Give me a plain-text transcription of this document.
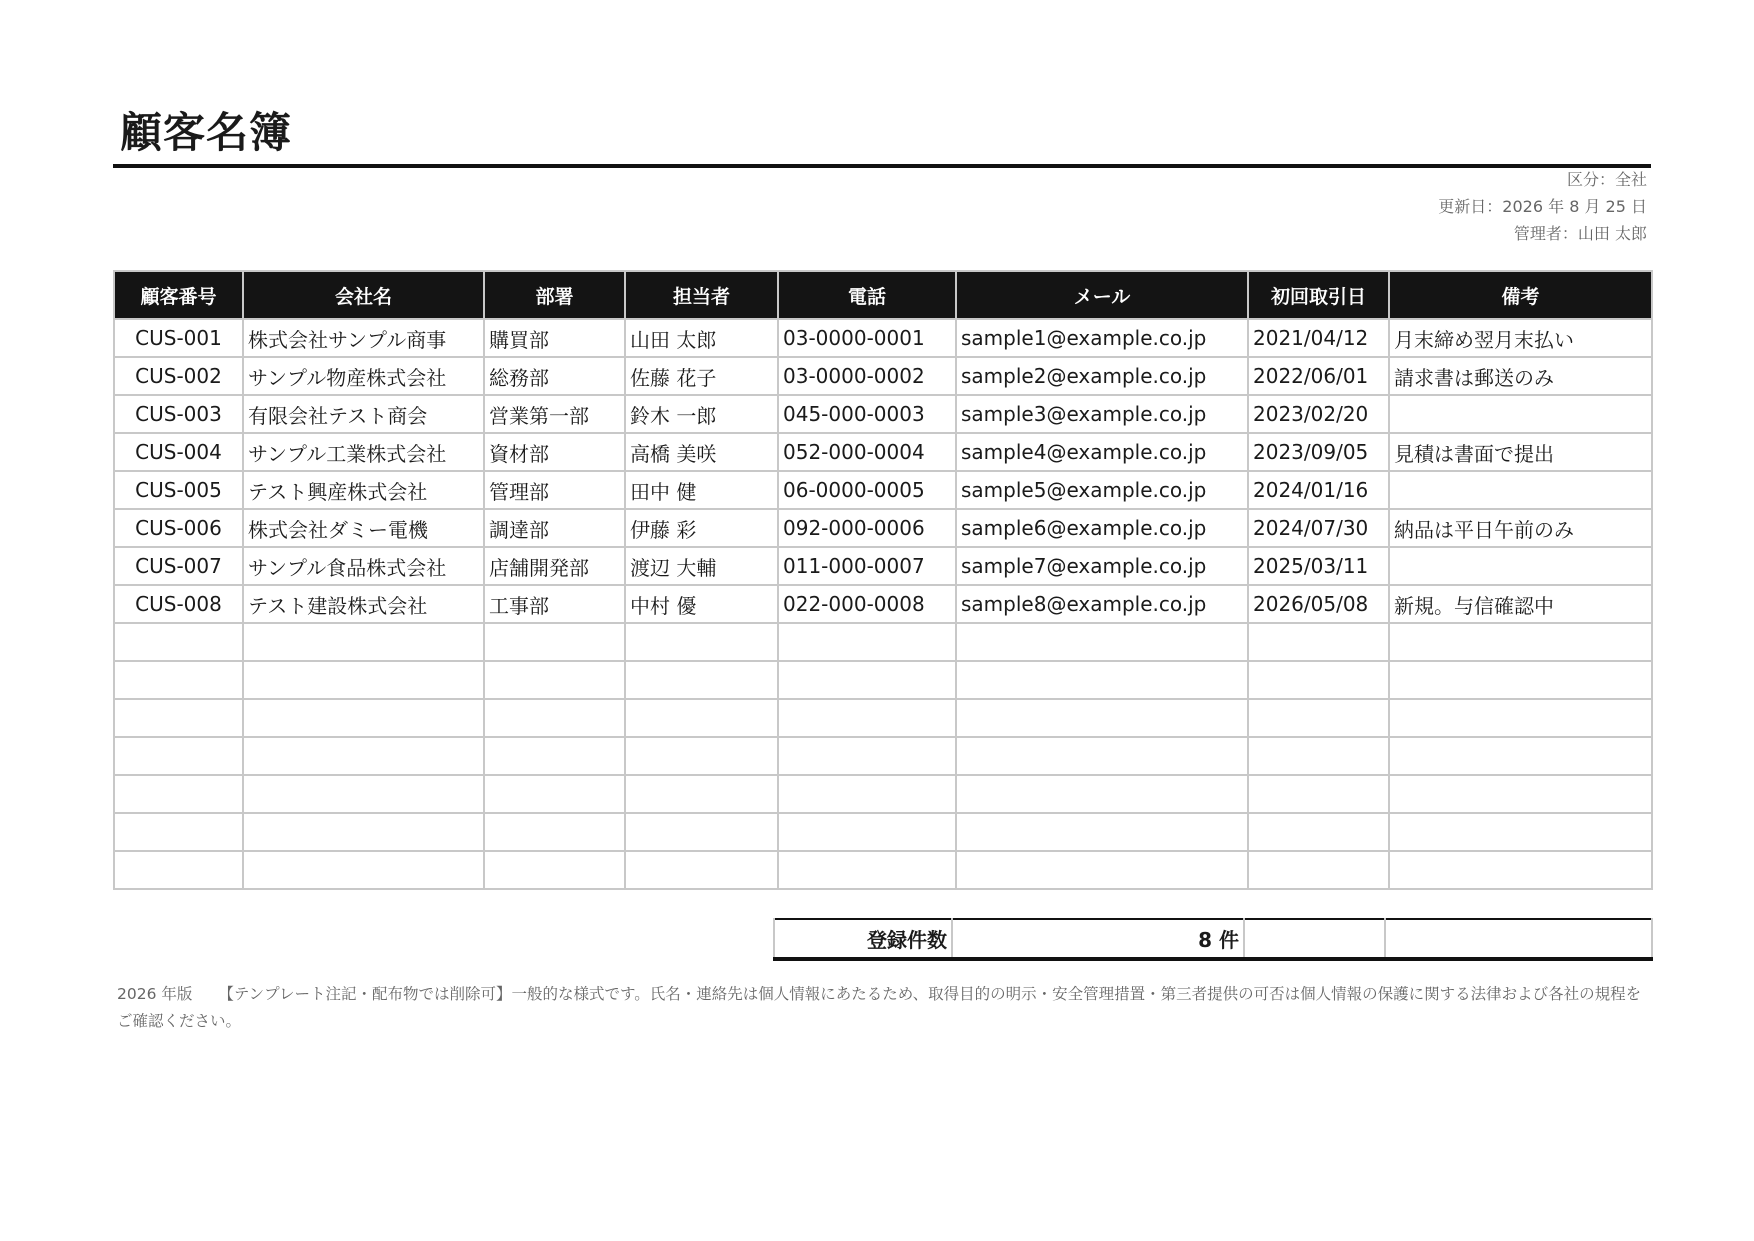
顧客名簿
区分：全社
更新日：2026 年 8 月 25 日
管理者：山田 太郎
顧客番号	会社名	部署	担当者	電話	メール	初回取引日	備考
CUS-001	株式会社サンプル商事	購買部	山田 太郎	03-0000-0001	sample1@example.co.jp	2021/04/12	月末締め翌月末払い
CUS-002	サンプル物産株式会社	総務部	佐藤 花子	03-0000-0002	sample2@example.co.jp	2022/06/01	請求書は郵送のみ
CUS-003	有限会社テスト商会	営業第一部	鈴木 一郎	045-000-0003	sample3@example.co.jp	2023/02/20	
CUS-004	サンプル工業株式会社	資材部	高橋 美咲	052-000-0004	sample4@example.co.jp	2023/09/05	見積は書面で提出
CUS-005	テスト興産株式会社	管理部	田中 健	06-0000-0005	sample5@example.co.jp	2024/01/16	
CUS-006	株式会社ダミー電機	調達部	伊藤 彩	092-000-0006	sample6@example.co.jp	2024/07/30	納品は平日午前のみ
CUS-007	サンプル食品株式会社	店舗開発部	渡辺 大輔	011-000-0007	sample7@example.co.jp	2025/03/11	
CUS-008	テスト建設株式会社	工事部	中村 優	022-000-0008	sample8@example.co.jp	2026/05/08	新規。与信確認中

登録件数	8 件		
2026 年版 【テンプレート注記・配布物では削除可】一般的な様式です。氏名・連絡先は個人情報にあたるため、取得目的の明示・安全管理措置・第三者提供の可否は個人情報の保護に関する法律および各社の規程をご確認ください。
